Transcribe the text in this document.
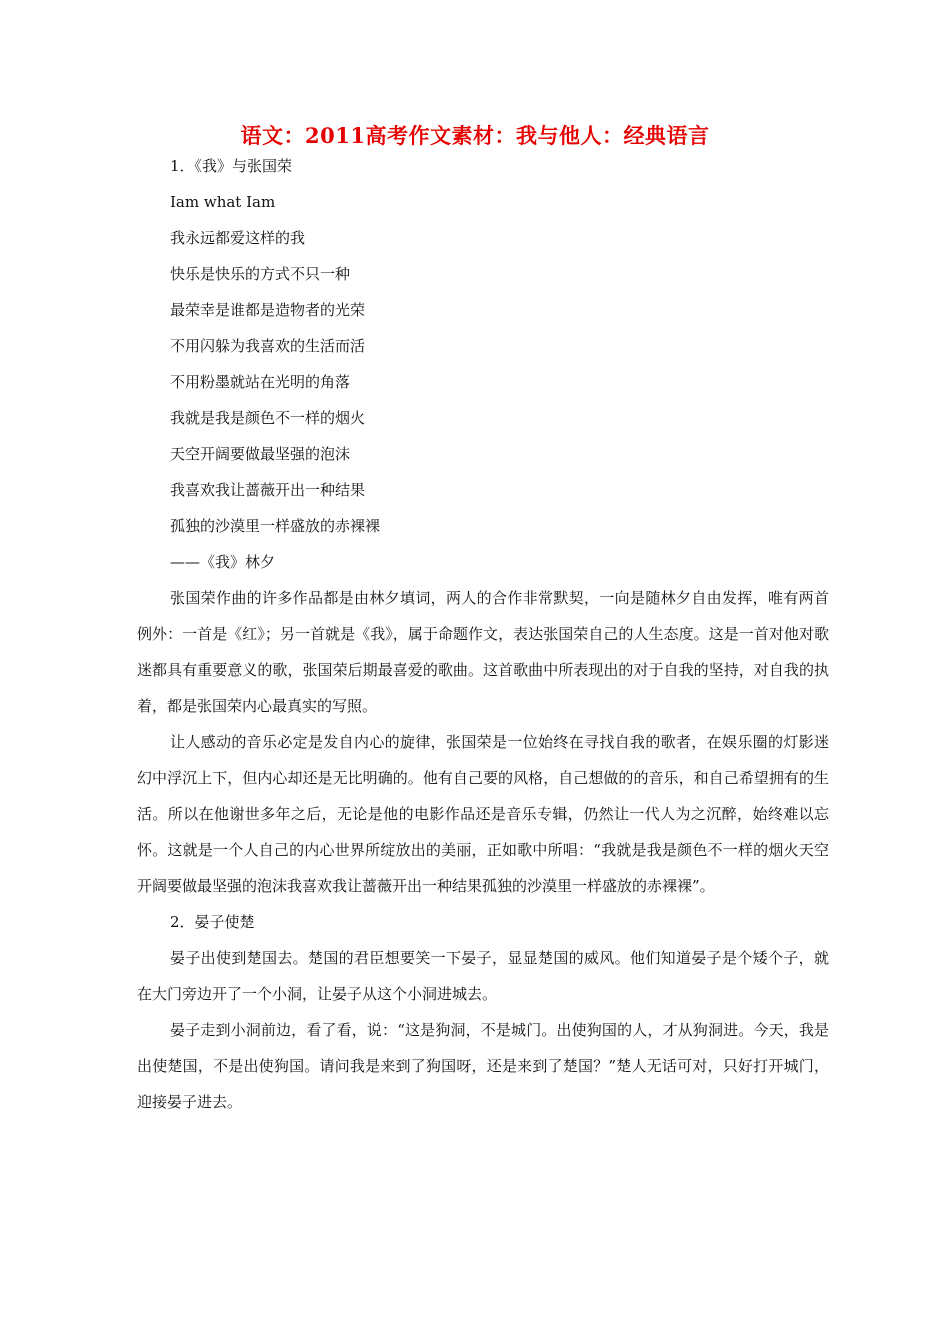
语文：2011高考作文素材：我与他人：经典语言

1．《我》与张国荣

Iam what Iam

我永远都爱这样的我

快乐是快乐的方式不只一种

最荣幸是谁都是造物者的光荣

不用闪躲为我喜欢的生活而活

不用粉墨就站在光明的角落

我就是我是颜色不一样的烟火

天空开阔要做最坚强的泡沫

我喜欢我让蔷薇开出一种结果

孤独的沙漠里一样盛放的赤裸裸

——《我》林夕

张国荣作曲的许多作品都是由林夕填词，两人的合作非常默契，一向是随林夕自由发挥，唯有两首例外：一首是《红》；另一首就是《我》，属于命题作文，表达张国荣自己的人生态度。这是一首对他对歌迷都具有重要意义的歌，张国荣后期最喜爱的歌曲。这首歌曲中所表现出的对于自我的坚持，对自我的执着，都是张国荣内心最真实的写照。

让人感动的音乐必定是发自内心的旋律，张国荣是一位始终在寻找自我的歌者，在娱乐圈的灯影迷幻中浮沉上下，但内心却还是无比明确的。他有自己要的风格，自己想做的的音乐，和自己希望拥有的生活。所以在他谢世多年之后，无论是他的电影作品还是音乐专辑，仍然让一代人为之沉醉，始终难以忘怀。这就是一个人自己的内心世界所绽放出的美丽，正如歌中所唱：“我就是我是颜色不一样的烟火天空开阔要做最坚强的泡沫我喜欢我让蔷薇开出一种结果孤独的沙漠里一样盛放的赤裸裸”。

2．晏子使楚

晏子出使到楚国去。楚国的君臣想要笑一下晏子，显显楚国的威风。他们知道晏子是个矮个子，就在大门旁边开了一个小洞，让晏子从这个小洞进城去。

晏子走到小洞前边，看了看，说：“这是狗洞，不是城门。出使狗国的人，才从狗洞进。今天，我是出使楚国，不是出使狗国。请问我是来到了狗国呀，还是来到了楚国？”楚人无话可对，只好打开城门，迎接晏子进去。
